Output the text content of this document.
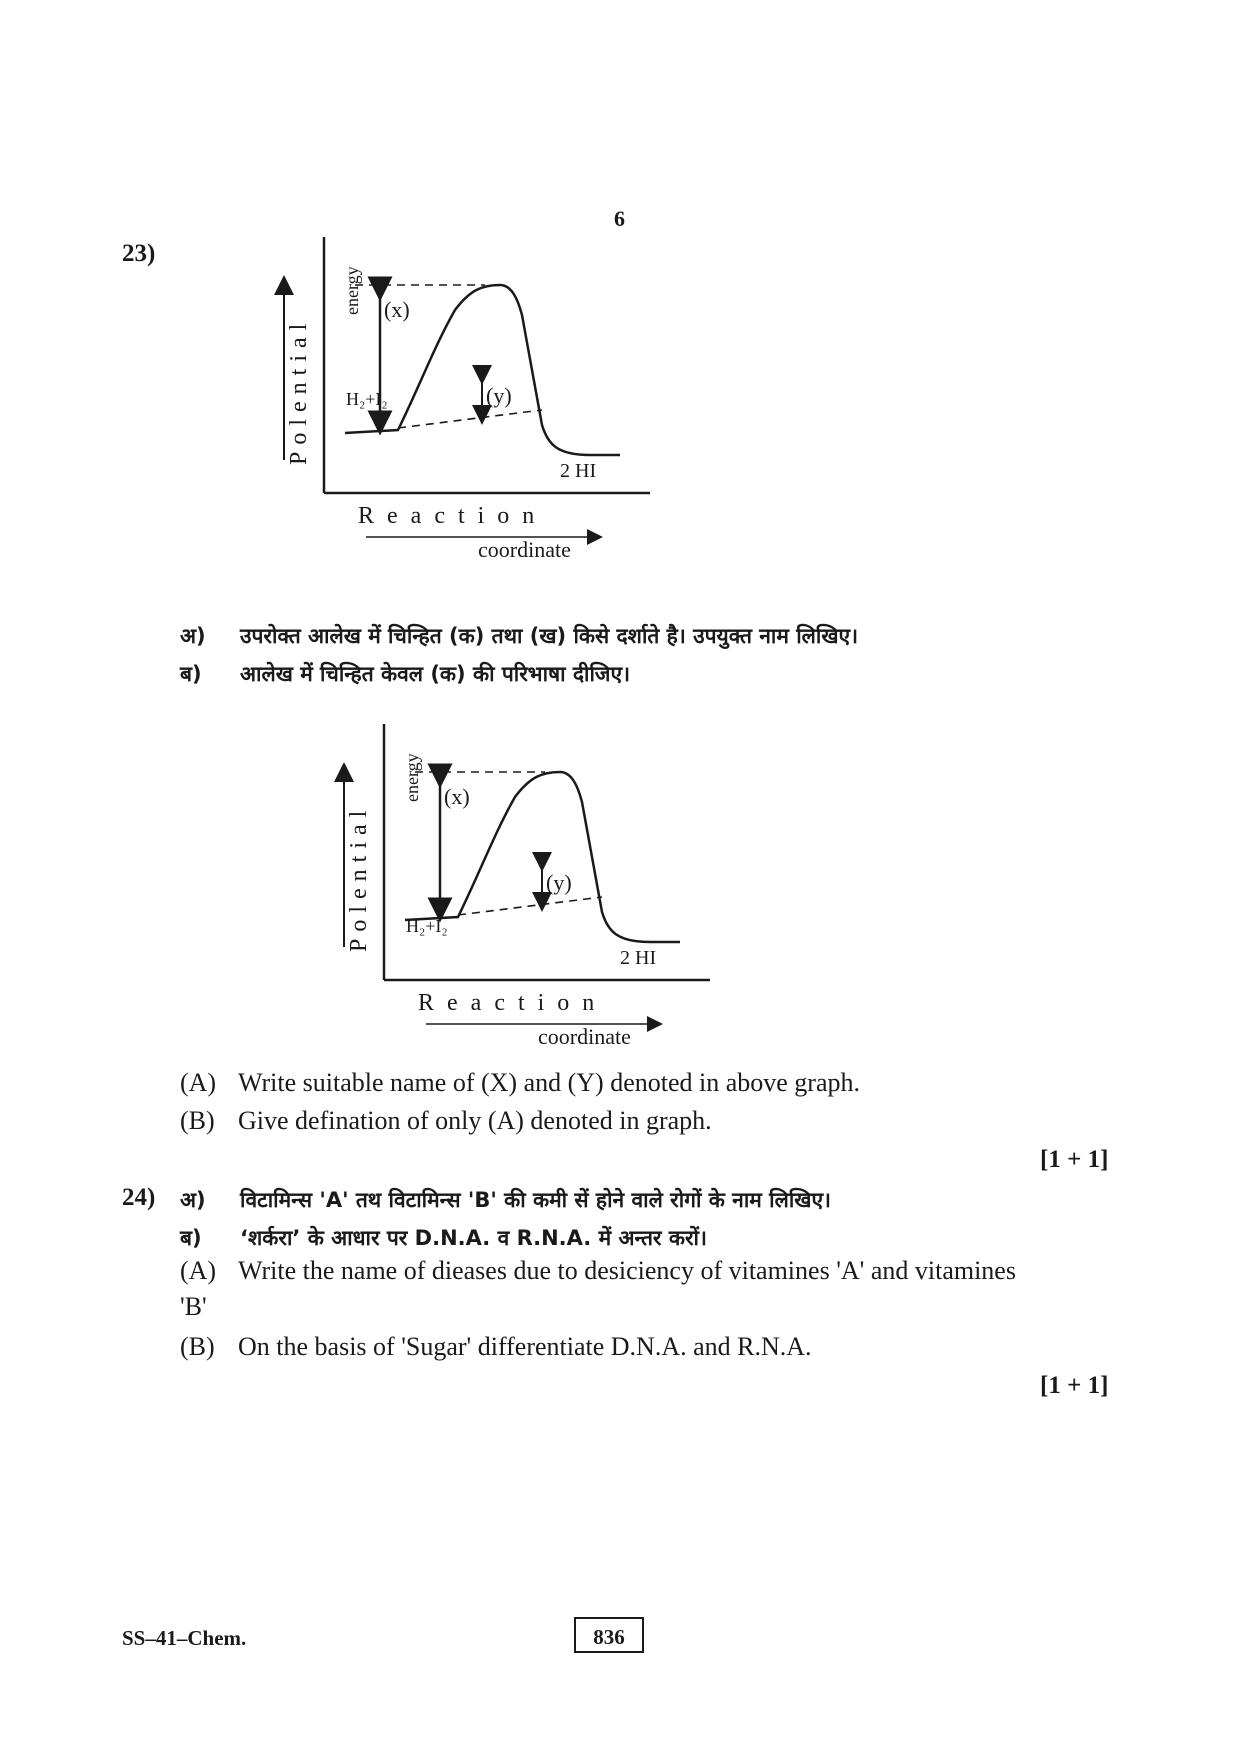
6
23)
Polential
energy (x)
(y)
H₂+I₂
2 HI
Reaction
coordinate
अ) उपरोक्त आलेख में चिन्हित (क) तथा (ख) किसे दर्शाते है। उपयुक्त नाम लिखिए।
ब) आलेख में चिन्हित केवल (क) की परिभाषा दीजिए।
Polential
energy (x)
(y)
H₂+I₂
2 HI
Reaction
coordinate
(A) Write suitable name of (X) and (Y) denoted in above graph.
(B) Give defination of only (A) denoted in graph.
[1 + 1]
24) अ) विटामिन्स 'A' तथ विटामिन्स 'B' की कमी सें होने वाले रोगों के नाम लिखिए।
ब) ‘शर्करा’ के आधार पर D.N.A. व R.N.A. में अन्तर करों।
(A) Write the name of dieases due to desiciency of vitamines 'A' and vitamines
'B'
(B) On the basis of 'Sugar' differentiate D.N.A. and R.N.A.
[1 + 1]
SS–41–Chem.	836
